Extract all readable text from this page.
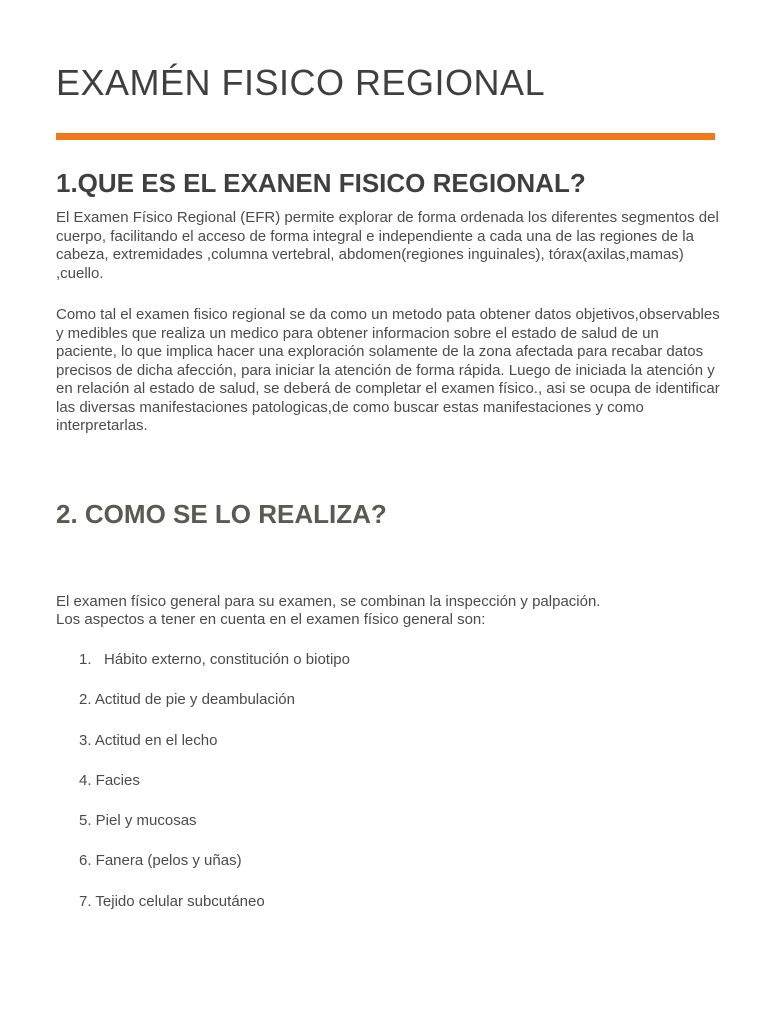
EXAMÉN FISICO REGIONAL
1.QUE ES EL EXANEN FISICO REGIONAL?

El Examen Físico Regional (EFR) permite explorar de forma ordenada los diferentes segmentos del cuerpo, facilitando el acceso de forma integral e independiente a cada una de las regiones de la cabeza, extremidades ,columna vertebral, abdomen(regiones inguinales), tórax(axilas,mamas) ,cuello.

Como tal el examen fisico regional se da como un metodo pata obtener datos objetivos,observables y medibles que realiza un medico para obtener informacion sobre el estado de salud de un paciente, lo que implica hacer una exploración solamente de la zona afectada para recabar datos precisos de dicha afección, para iniciar la atención de forma rápida. Luego de iniciada la atención y en relación al estado de salud, se deberá de completar el examen físico., asi se ocupa de identificar las diversas manifestaciones patologicas,de como buscar estas manifestaciones y como interpretarlas.

2. COMO SE LO REALIZA?

El examen físico general para su examen, se combinan la inspección y palpación.

Los aspectos a tener en cuenta en el examen físico general son:

1.   Hábito externo, constitución o biotipo
2. Actitud de pie y deambulación
3. Actitud en el lecho
4. Facies
5. Piel y mucosas
6. Fanera (pelos y uñas)
7. Tejido celular subcutáneo
